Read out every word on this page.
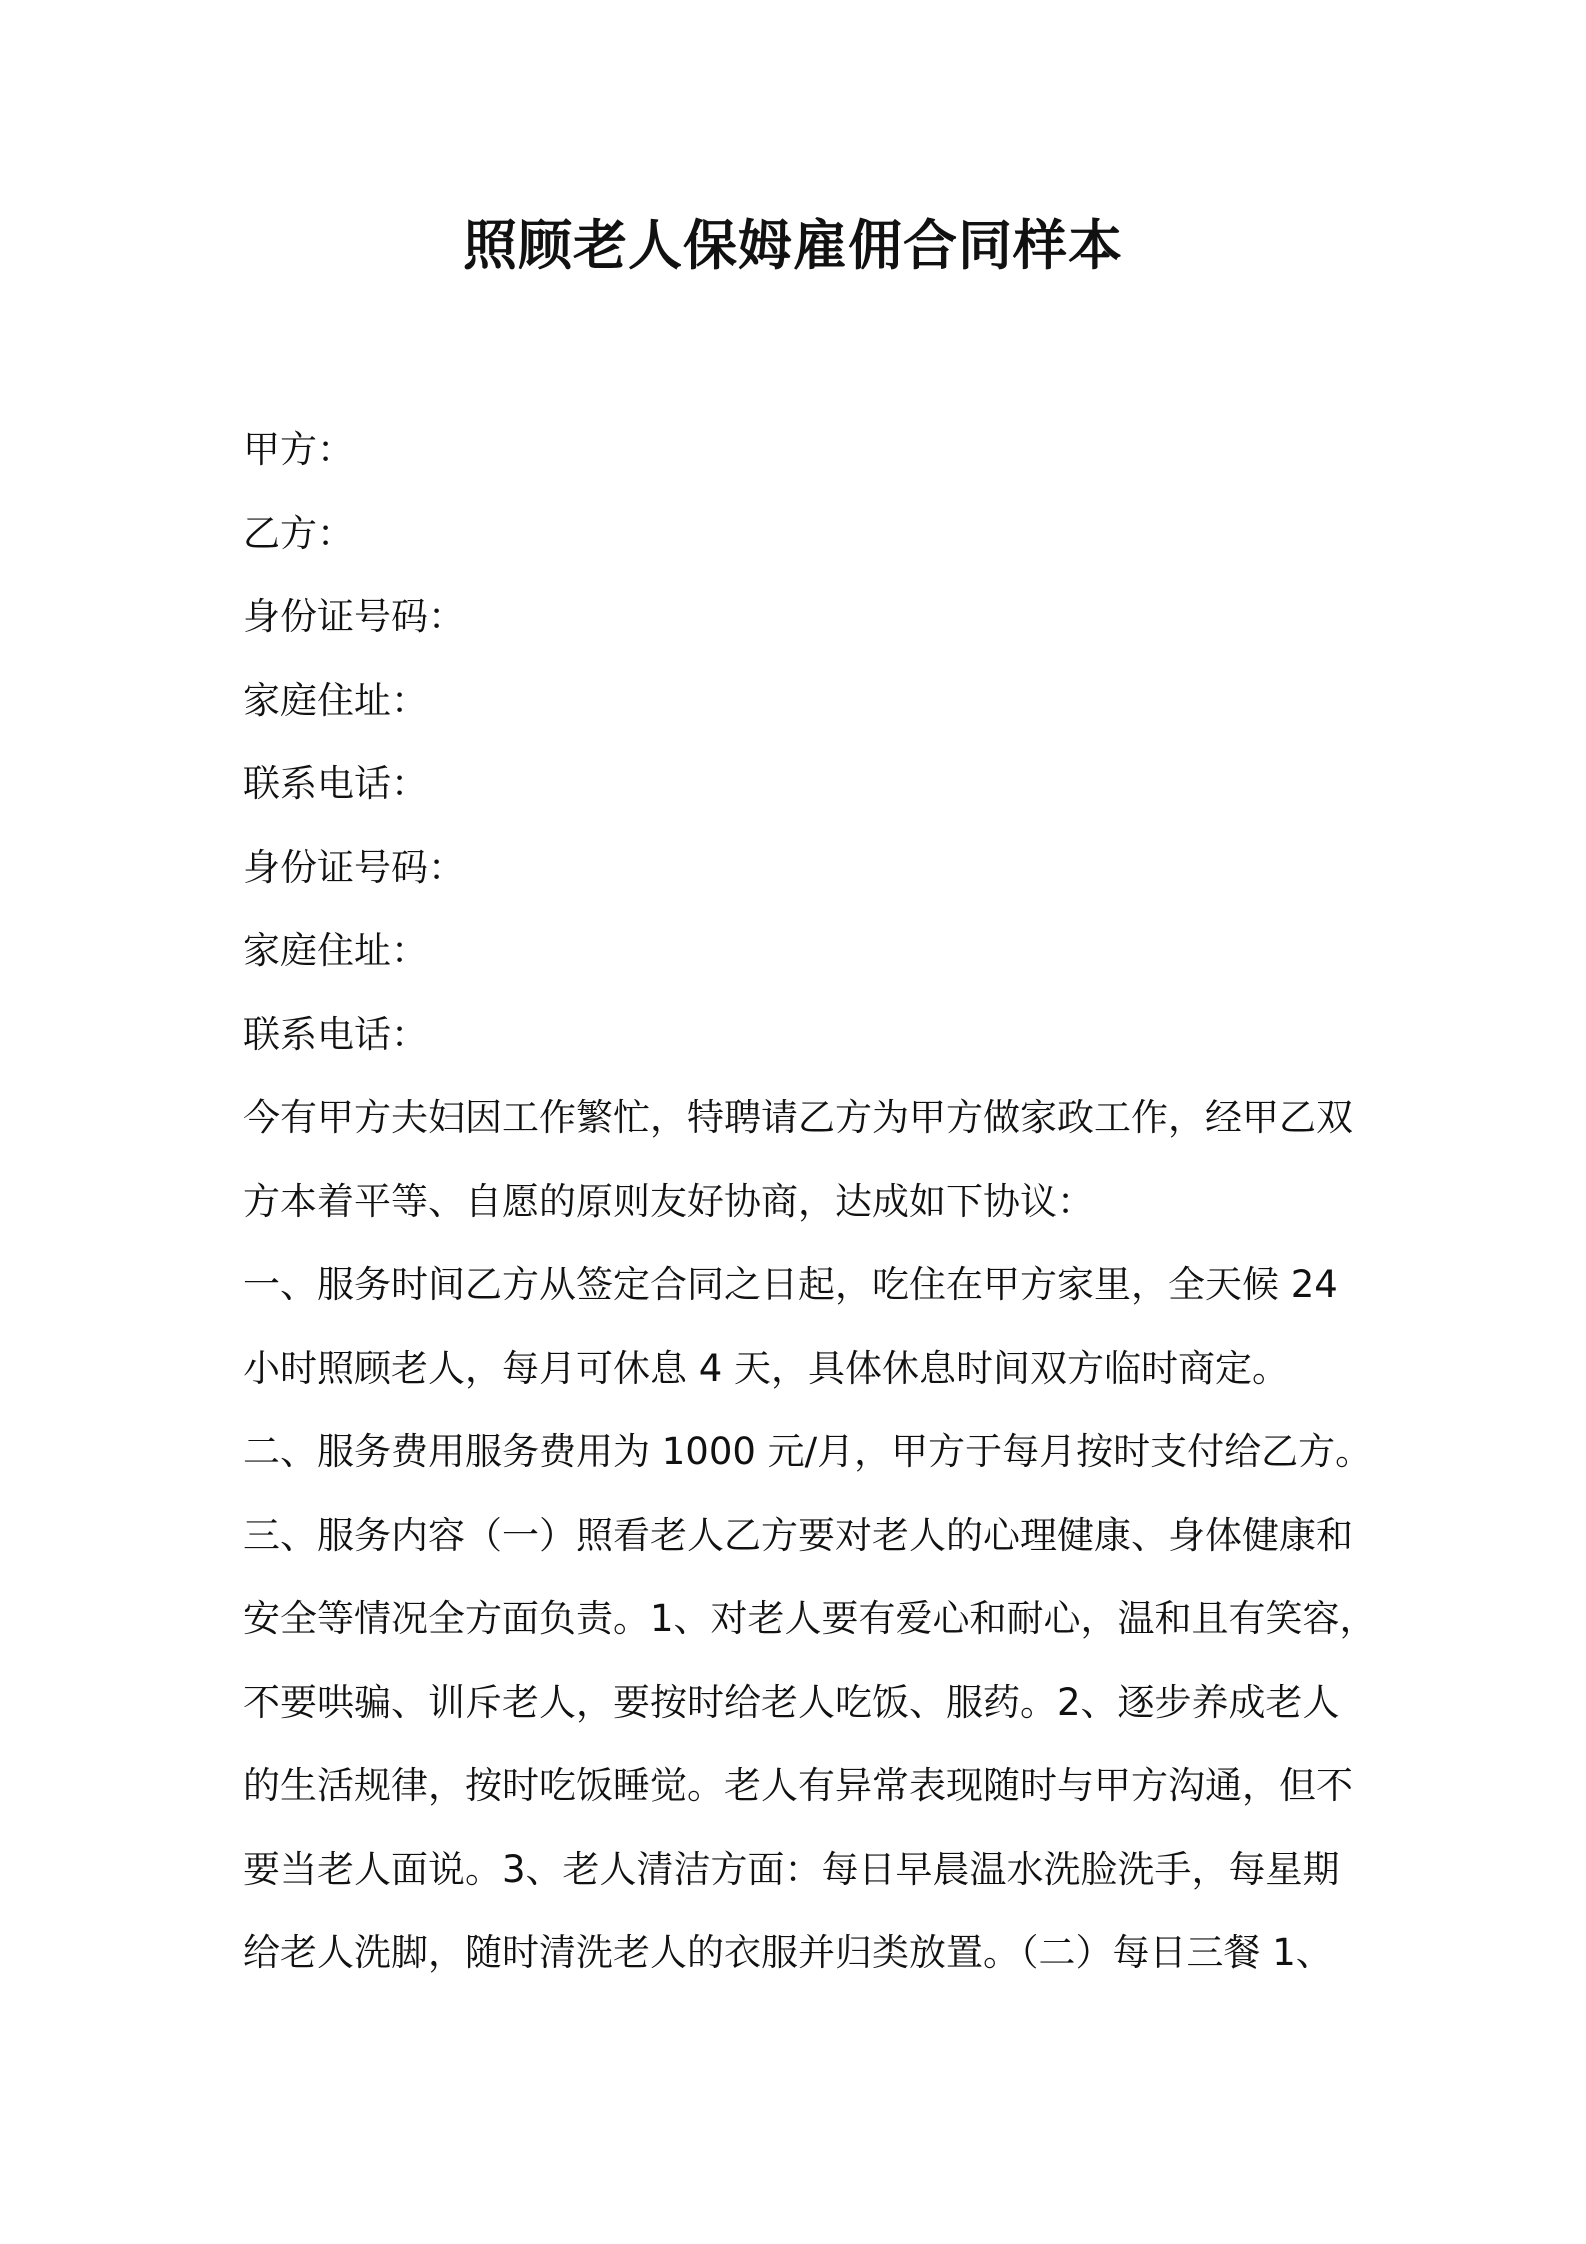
照顾老人保姆雇佣合同样本
甲方：
乙方：
身份证号码：
家庭住址：
联系电话：
身份证号码：
家庭住址：
联系电话：
今有甲方夫妇因工作繁忙，特聘请乙方为甲方做家政工作，经甲乙双
方本着平等、自愿的原则友好协商，达成如下协议：
一、服务时间乙方从签定合同之日起，吃住在甲方家里，全天候 24
小时照顾老人，每月可休息 4 天，具体休息时间双方临时商定。
二、服务费用服务费用为 1000 元/月，甲方于每月按时支付给乙方。
三、服务内容（一）照看老人乙方要对老人的心理健康、身体健康和
安全等情况全方面负责。1、对老人要有爱心和耐心，温和且有笑容，
不要哄骗、训斥老人，要按时给老人吃饭、服药。2、逐步养成老人
的生活规律，按时吃饭睡觉。老人有异常表现随时与甲方沟通，但不
要当老人面说。3、老人清洁方面：每日早晨温水洗脸洗手，每星期
给老人洗脚，随时清洗老人的衣服并归类放置。（二）每日三餐 1、
